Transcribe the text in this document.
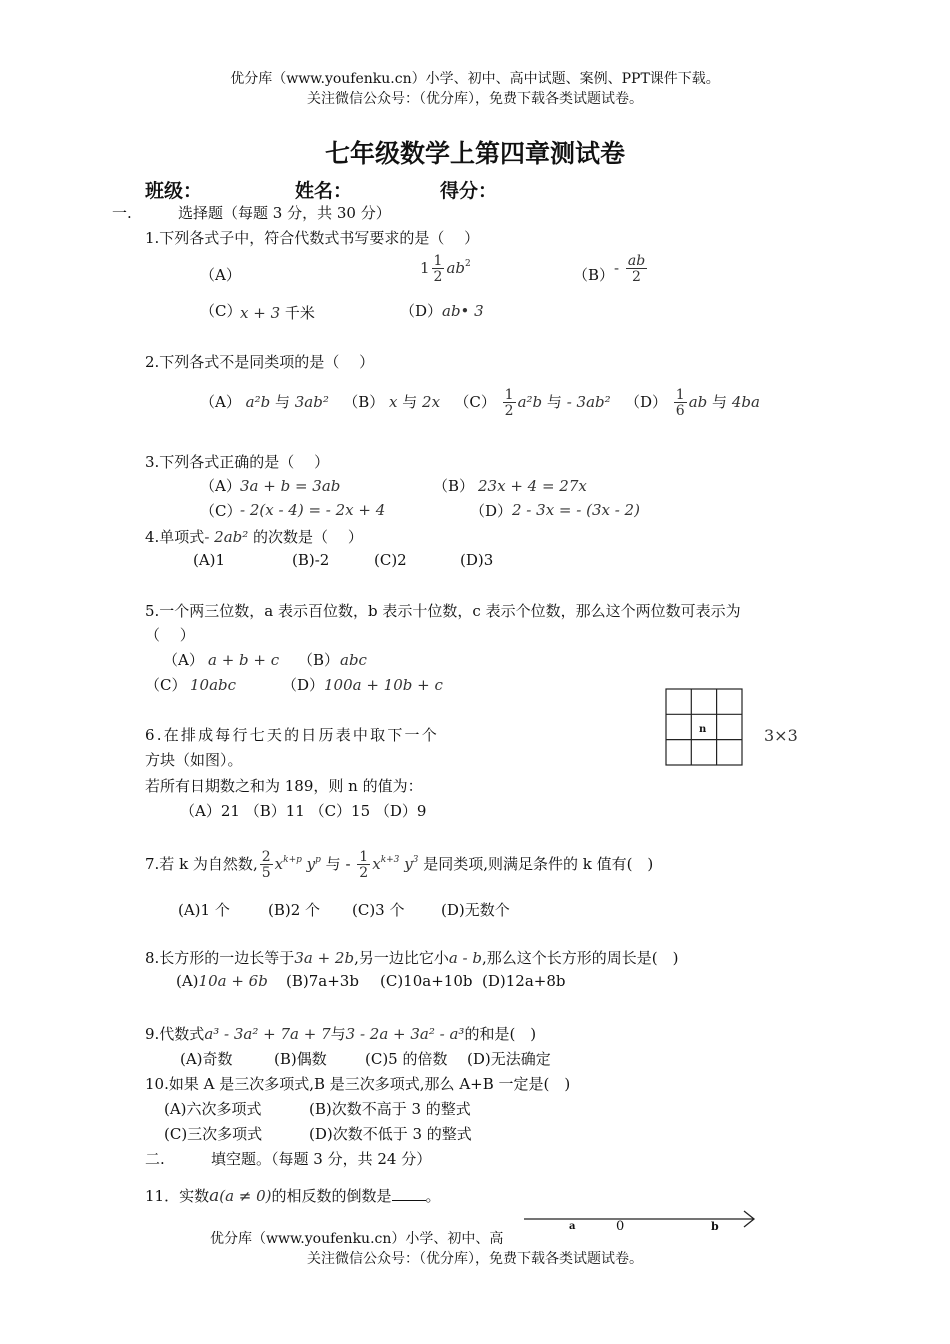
优分库（www.youfenku.cn）小学、初中、高中试题、案例、PPT课件下载。
关注微信公众号：（优分库），免费下载各类试题试卷。
七年级数学上第四章测试卷
班级：	姓名：	得分：
一.	选择题（每题 3 分，共 30 分）
1.下列各式子中，符合代数式书写要求的是（　 ）
（A）	$1 \frac{1}{2} ab^2$
$(B) - \frac{ab}{2}$
（C）
x + 3 千米	（D） ab• 3
2.下列各式不是同类项的是（　 ）
（A） a²b 与 3ab² （B） x 与 2x $(C) \frac{1}{2} a^2b$ 与 - 3ab² $(D) \frac{1}{6}$ ab 与 4ba
3.下列各式正确的是（　 ）
（A） 3a + b = 3ab	（B） 23x + 4 = 27x
（C）
- 2(x - 4) = - 2x + 4	（D） 2 - 3x = - (3x - 2)
4.单项式- 2ab² 的次数是（　 ）
(A)1	(B)-2	(C)2	(D)3
5.一个两三位数，a 表示百位数，b 表示十位数，c 表示个位数，那么这个两位数可表示为
（　 ）
（A） a + b + c （B） abc
（C） 10abc	（D） 100a + 10b + c
6.在排成每行七天的日历表中取下一个
方块（如图）。
若所有日期数之和为 189，则 n 的值为：
（A）21 （B）11 （C）15 （D）9
n	3×3
7.若 k 为自然数, $\frac{2}{5} x^{k+p}$ $y^p$ 与 - $\frac{1}{2} x^{k+3}$ $y^3$ 是同类项,则满足条件的 k 值有(　)
(A)1 个	(B)2 个 (C)3 个 (D)无数个
8.长方形的一边长等于3a + 2b,另一边比它小a - b,那么这个长方形的周长是(　)
(A)10a + 6b (B)7a+3b (C)10a+10b (D)12a+8b
9.代数式a³ - 3a² + 7a + 7与3 - 2a + 3a² - a³的和是(　)
(A)奇数	(B)偶数	(C)5 的倍数 (D)无法确定
10.如果 A 是三次多项式,B 是三次多项式,那么 A+B 一定是(　)
(A)六次多项式	(B)次数不高于 3 的整式
(C)三次多项式	(D)次数不低于 3 的整式
二.	填空题。（每题 3 分，共 24 分）
11．实数a(a ≠ 0)的相反数的倒数是 。
a	0	b
优分库（www.youfenku.cn）小学、初中、高
关注微信公众号：（优分库），免费下载各类试题试卷。
